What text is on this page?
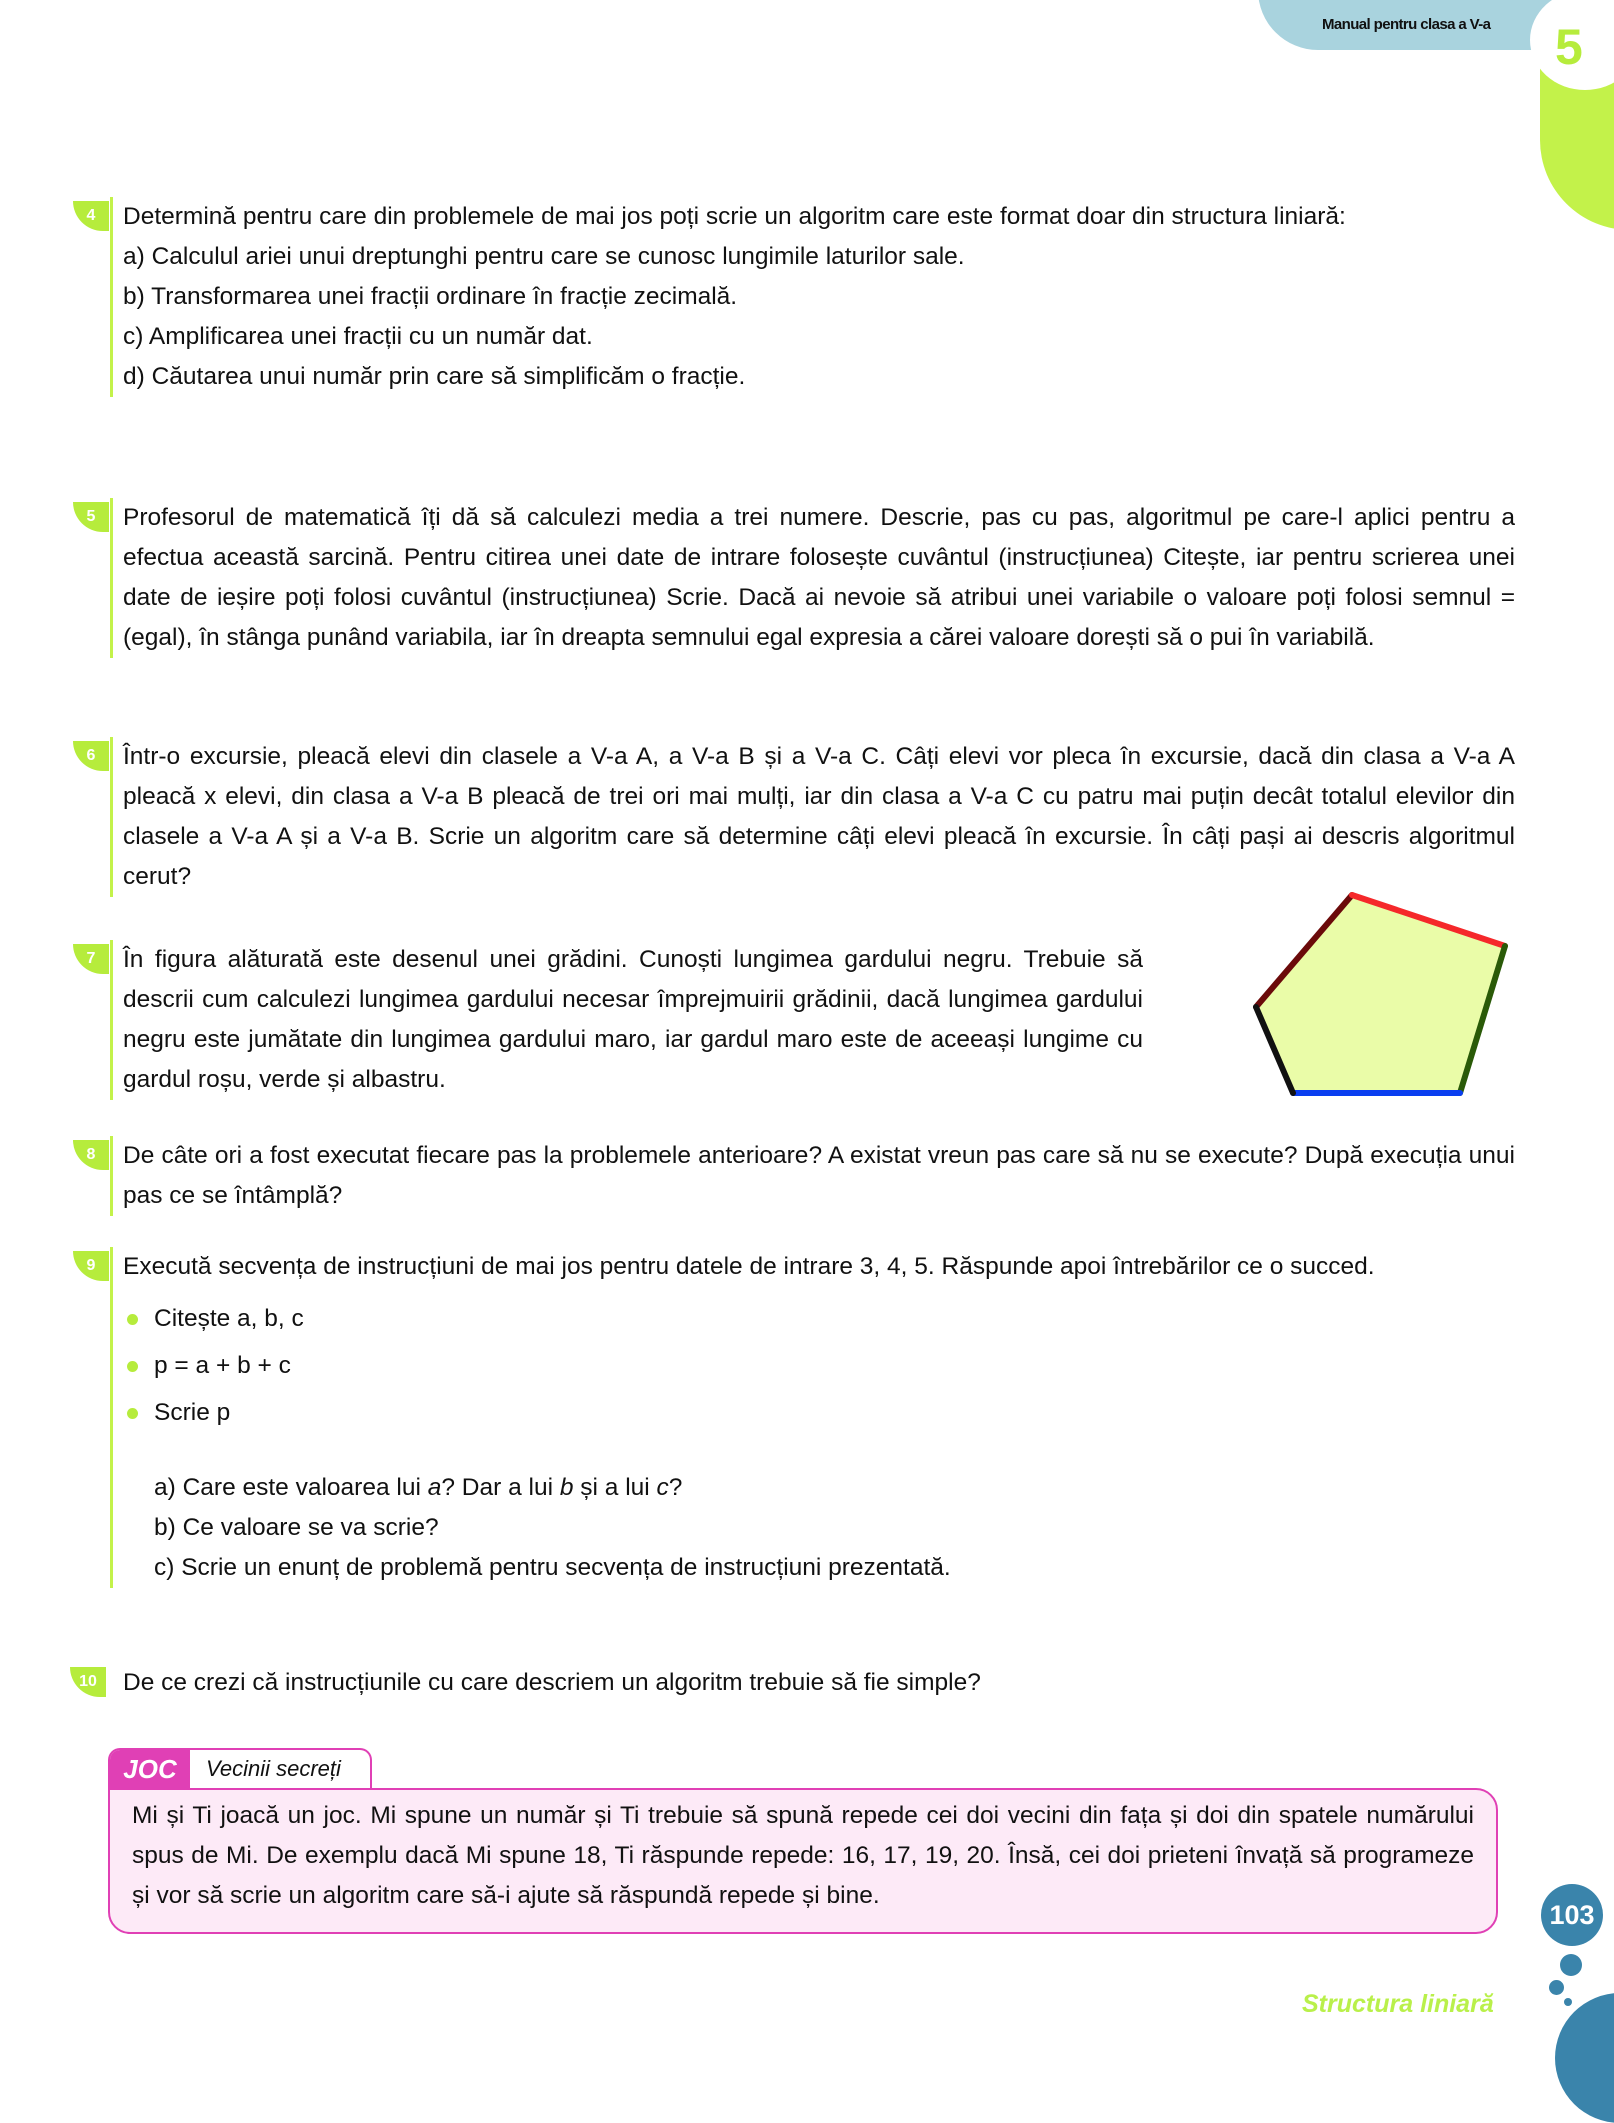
Manual pentru clasa a V-a 5
4	Determină pentru care din problemele de mai jos poți scrie un algoritm care este format doar din structura liniară:

a) Calculul ariei unui dreptunghi pentru care se cunosc lungimile laturilor sale.

b) Transformarea unei fracții ordinare în fracție zecimală.

c) Amplificarea unei fracții cu un număr dat.

d) Căutarea unui număr prin care să simplificăm o fracție.

5	Profesorul de matematică îți dă să calculezi media a trei numere. Descrie, pas cu pas, algoritmul pe care-l aplici pentru a efectua această sarcină. Pentru citirea unei date de intrare folosește cuvântul (instrucțiunea) Citește, iar pentru scrierea unei date de ieșire poți folosi cuvântul (instrucțiunea) Scrie. Dacă ai nevoie să atribui unei variabile o valoare poți folosi semnul = (egal), în stânga punând variabila, iar în dreapta semnului egal expresia a cărei valoare dorești să o pui în variabilă.

6	Într-o excursie, pleacă elevi din clasele a V-a A, a V-a B și a V-a C. Câți elevi vor pleca în excursie, dacă din clasa a V-a A pleacă x elevi, din clasa a V-a B pleacă de trei ori mai mulți, iar din clasa a V-a C cu patru mai puțin decât totalul elevilor din clasele a V-a A și a V-a B. Scrie un algoritm care să determine câți elevi pleacă în excursie. În câți pași ai descris algoritmul cerut?

7	În figura alăturată este desenul unei grădini. Cunoști lungimea gardului negru. Trebuie să descrii cum calculezi lungimea gardului necesar împrejmuirii grădinii, dacă lungimea gardului negru este jumătate din lungimea gardului maro, iar gardul maro este de aceeași lungime cu gardul roșu, verde și albastru.

8	De câte ori a fost executat fiecare pas la problemele anterioare? A existat vreun pas care să nu se execute? După execuția unui pas ce se întâmplă?

9	Execută secvența de instrucțiuni de mai jos pentru datele de intrare 3, 4, 5. Răspunde apoi întrebărilor ce o succed.

Citește a, b, c
p = a + b + c
Scrie p

a) Care este valoarea lui a? Dar a lui b și a lui c?

b) Ce valoare se va scrie?

c) Scrie un enunț de problemă pentru secvența de instrucțiuni prezentată.

10	De ce crezi că instrucțiunile cu care descriem un algoritm trebuie să fie simple?

JOC	Vecinii secreți
Mi și Ti joacă un joc. Mi spune un număr și Ti trebuie să spună repede cei doi vecini din fața și doi din spatele numărului spus de Mi. De exemplu dacă Mi spune 18, Ti răspunde repede: 16, 17, 19, 20. Însă, cei doi prieteni învață să programeze și vor să scrie un algoritm care să-i ajute să răspundă repede și bine.
103
Structura liniară
